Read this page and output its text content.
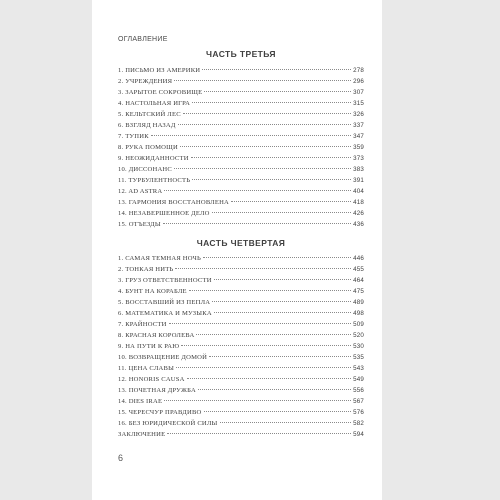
ОГЛАВЛЕНИЕ
ЧАСТЬ ТРЕТЬЯ
1. ПИСЬМО ИЗ АМЕРИКИ	278
2. УЧРЕЖДЕНИЯ	296
3. ЗАРЫТОЕ СОКРОВИЩЕ	307
4. НАСТОЛЬНАЯ ИГРА	315
5. КЕЛЬТСКИЙ ЛЕС	326
6. ВЗГЛЯД НАЗАД	337
7. ТУПИК	347
8. РУКА ПОМОЩИ	359
9. НЕОЖИДАННОСТИ	373
10. ДИССОНАНС	383
11. ТУРБУЛЕНТНОСТЬ	391
12. AD ASTRA	404
13. ГАРМОНИЯ ВОССТАНОВЛЕНА	418
14. НЕЗАВЕРШЕННОЕ ДЕЛО	426
15. ОТЪЕЗДЫ	436
ЧАСТЬ ЧЕТВЕРТАЯ
1. САМАЯ ТЕМНАЯ НОЧЬ	446
2. ТОНКАЯ НИТЬ	455
3. ГРУЗ ОТВЕТСТВЕННОСТИ	464
4. БУНТ НА КОРАБЛЕ	475
5. ВОССТАВШИЙ ИЗ ПЕПЛА	489
6. МАТЕМАТИКА И МУЗЫКА	498
7. КРАЙНОСТИ	509
8. КРАСНАЯ КОРОЛЕВА	520
9. НА ПУТИ К РАЮ	530
10. ВОЗВРАЩЕНИЕ ДОМОЙ	535
11. ЦЕНА СЛАВЫ	543
12. HONORIS CAUSA	549
13. ПОЧЕТНАЯ ДРУЖБА	556
14. DIES IRAE	567
15. ЧЕРЕСЧУР ПРАВДИВО	576
16. БЕЗ ЮРИДИЧЕСКОЙ СИЛЫ	582
ЗАКЛЮЧЕНИЕ	594
6
